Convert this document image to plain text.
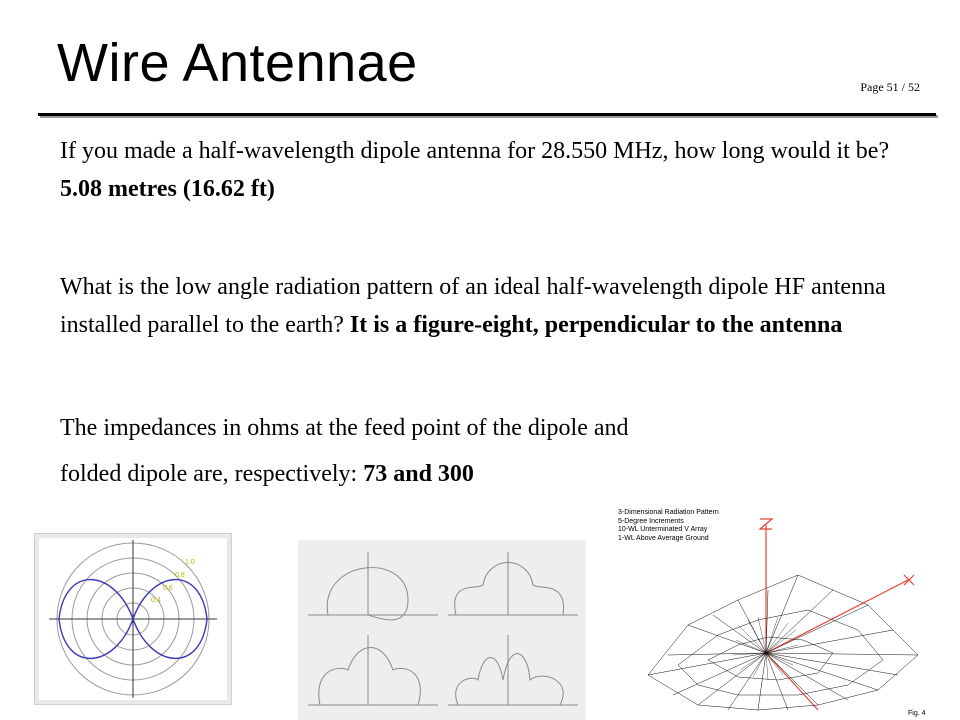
Wire Antennae	Page 51 / 52
If you made a half-wavelength dipole antenna for 28.550 MHz, how long would it be? 5.08 metres (16.62 ft)
What is the low angle radiation pattern of an ideal half-wavelength dipole HF antenna installed parallel to the earth? It is a figure-eight, perpendicular to the antenna
The impedances in ohms at the feed point of the dipole and
folded dipole are, respectively: 73 and 300
1.0
0.8
0.6
0.4
3-Dimensional Radiation Pattern
5-Degree Increments
10-WL Unterminated V Array
1-WL Above Average Ground
Fig. 4
